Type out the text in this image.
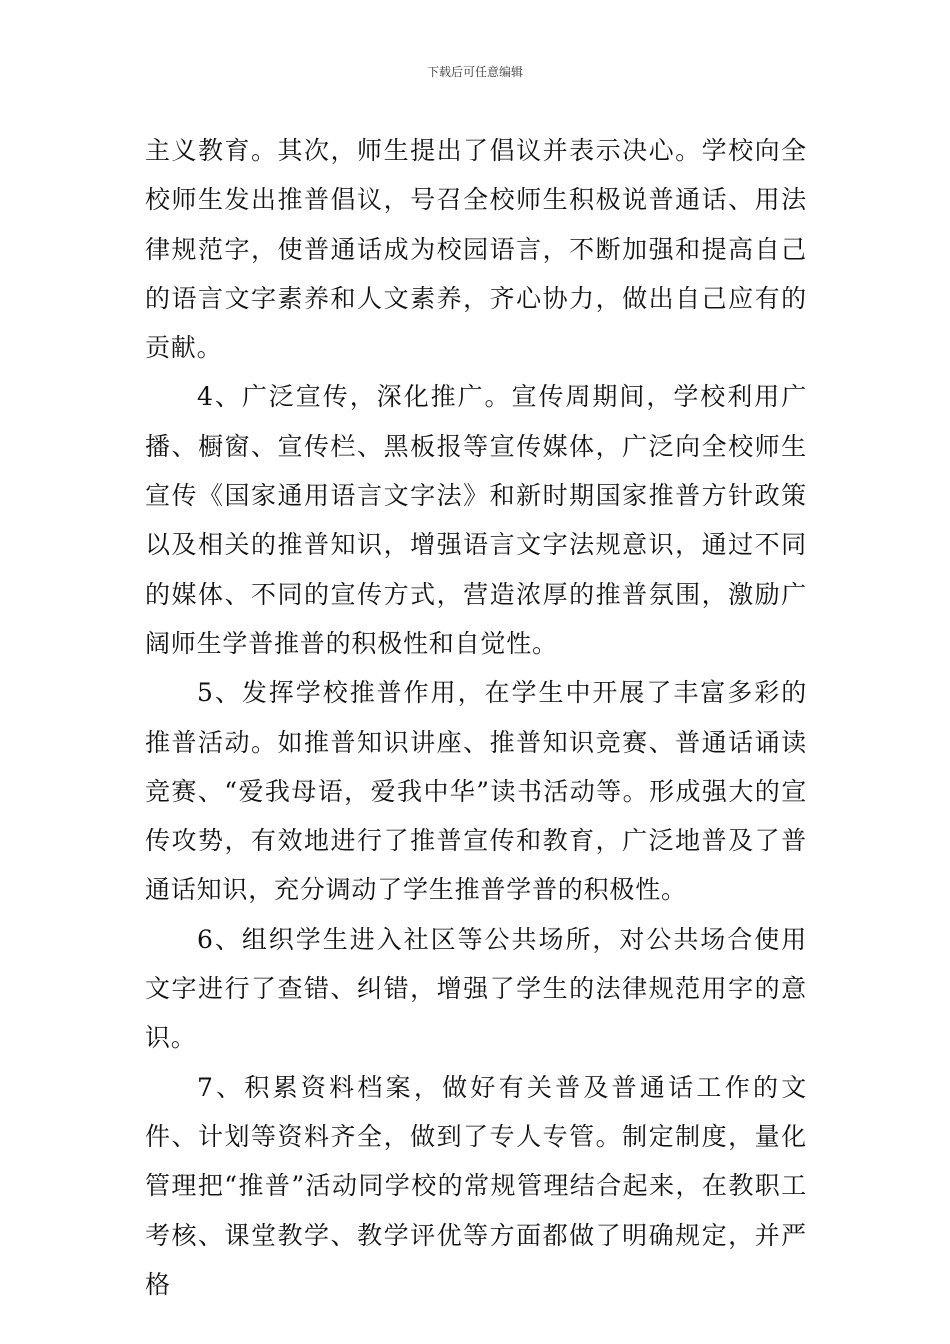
下载后可任意编辑

主义教育。其次，师生提出了倡议并表示决心。学校向全校师生发出推普倡议，号召全校师生积极说普通话、用法律规范字，使普通话成为校园语言，不断加强和提高自己的语言文字素养和人文素养，齐心协力，做出自己应有的贡献。

4、广泛宣传，深化推广。宣传周期间，学校利用广播、橱窗、宣传栏、黑板报等宣传媒体，广泛向全校师生宣传《国家通用语言文字法》和新时期国家推普方针政策以及相关的推普知识，增强语言文字法规意识，通过不同的媒体、不同的宣传方式，营造浓厚的推普氛围，激励广阔师生学普推普的积极性和自觉性。

5、发挥学校推普作用，在学生中开展了丰富多彩的推普活动。如推普知识讲座、推普知识竞赛、普通话诵读竞赛、“爱我母语，爱我中华”读书活动等。形成强大的宣传攻势，有效地进行了推普宣传和教育，广泛地普及了普通话知识，充分调动了学生推普学普的积极性。

6、组织学生进入社区等公共场所，对公共场合使用文字进行了查错、纠错，增强了学生的法律规范用字的意识。

7、积累资料档案，做好有关普及普通话工作的文件、计划等资料齐全，做到了专人专管。制定制度，量化管理把“推普”活动同学校的常规管理结合起来，在教职工考核、课堂教学、教学评优等方面都做了明确规定，并严格
